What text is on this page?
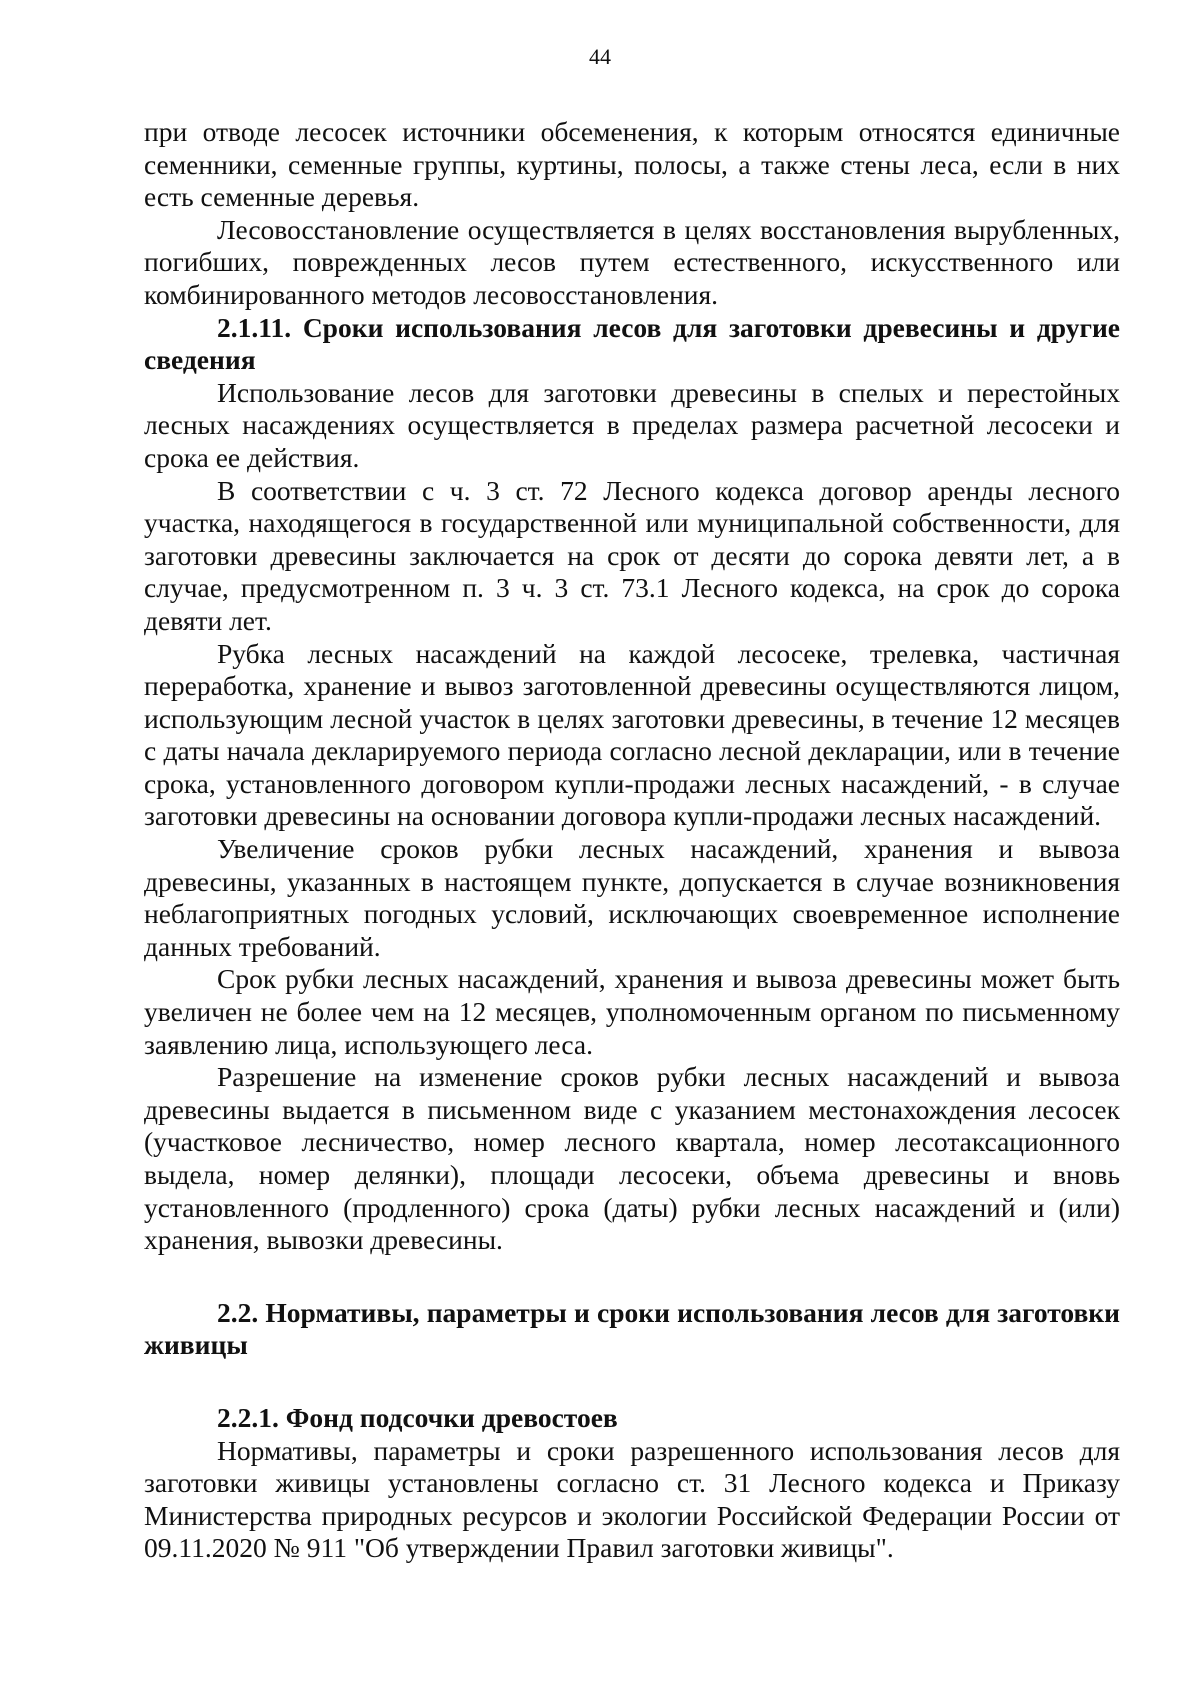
44

при отводе лесосек источники обсеменения, к которым относятся единичные семенники, семенные группы, куртины, полосы, а также стены леса, если в них есть семенные деревья.

Лесовосстановление осуществляется в целях восстановления вырубленных, погибших, поврежденных лесов путем естественного, искусственного или комбинированного методов лесовосстановления.

2.1.11. Сроки использования лесов для заготовки древесины и другие сведения

Использование лесов для заготовки древесины в спелых и перестойных лесных насаждениях осуществляется в пределах размера расчетной лесосеки и срока ее действия.

В соответствии с ч. 3 ст. 72 Лесного кодекса договор аренды лесного участка, находящегося в государственной или муниципальной собственности, для заготовки древесины заключается на срок от десяти до сорока девяти лет, а в случае, предусмотренном п. 3 ч. 3 ст. 73.1 Лесного кодекса, на срок до сорока девяти лет.

Рубка лесных насаждений на каждой лесосеке, трелевка, частичная переработка, хранение и вывоз заготовленной древесины осуществляются лицом, использующим лесной участок в целях заготовки древесины, в течение 12 месяцев с даты начала декларируемого периода согласно лесной декларации, или в течение срока, установленного договором купли-продажи лесных насаждений, - в случае заготовки древесины на основании договора купли-продажи лесных насаждений.

Увеличение сроков рубки лесных насаждений, хранения и вывоза древесины, указанных в настоящем пункте, допускается в случае возникновения неблагоприятных погодных условий, исключающих своевременное исполнение данных требований.

Срок рубки лесных насаждений, хранения и вывоза древесины может быть увеличен не более чем на 12 месяцев, уполномоченным органом по письменному заявлению лица, использующего леса.

Разрешение на изменение сроков рубки лесных насаждений и вывоза древесины выдается в письменном виде с указанием местонахождения лесосек (участковое лесничество, номер лесного квартала, номер лесотаксационного выдела, номер делянки), площади лесосеки, объема древесины и вновь установленного (продленного) срока (даты) рубки лесных насаждений и (или) хранения, вывозки древесины.

2.2. Нормативы, параметры и сроки использования лесов для заготовки живицы
2.2.1. Фонд подсочки древостоев

Нормативы, параметры и сроки разрешенного использования лесов для заготовки живицы установлены согласно ст. 31 Лесного кодекса и Приказу Министерства природных ресурсов и экологии Российской Федерации России от 09.11.2020 № 911 "Об утверждении Правил заготовки живицы".
